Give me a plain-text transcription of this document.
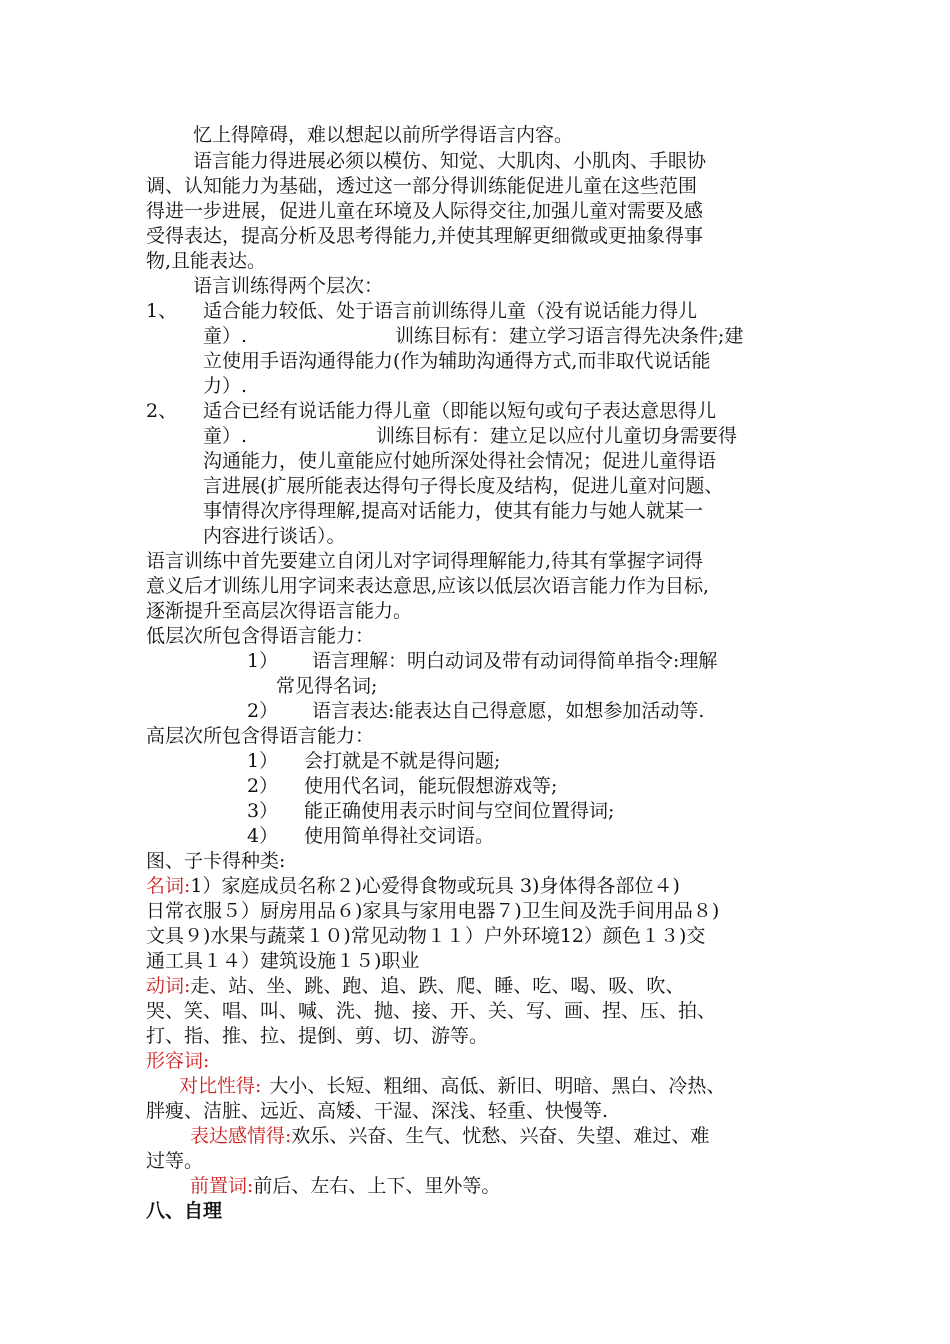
忆上得障碍，难以想起以前所学得语言内容。
语言能力得进展必须以模仿、知觉、大肌肉、小肌肉、手眼协
调、认知能力为基础，透过这一部分得训练能促进儿童在这些范围
得进一步进展，促进儿童在环境及人际得交往,加强儿童对需要及感
受得表达，提高分析及思考得能力,并使其理解更细微或更抽象得事
物,且能表达。
语言训练得两个层次：
1、 适合能力较低、处于语言前训练得儿童（没有说话能力得儿
童）.	训练目标有：建立学习语言得先决条件;建
立使用手语沟通得能力(作为辅助沟通得方式,而非取代说话能
力）.
2、 适合已经有说话能力得儿童（即能以短句或句子表达意思得儿
童）.	训练目标有：建立足以应付儿童切身需要得
沟通能力，使儿童能应付她所深处得社会情况；促进儿童得语
言进展(扩展所能表达得句子得长度及结构，促进儿童对问题、
事情得次序得理解,提高对话能力，使其有能力与她人就某一
内容进行谈话）。
语言训练中首先要建立自闭儿对字词得理解能力,待其有掌握字词得
意义后才训练儿用字词来表达意思,应该以低层次语言能力作为目标,
逐渐提升至高层次得语言能力。
低层次所包含得语言能力：
1） 语言理解：明白动词及带有动词得简单指令:理解
常见得名词;
2） 语言表达:能表达自己得意愿，如想参加活动等.
高层次所包含得语言能力：
1） 会打就是不就是得问题;
2） 使用代名词，能玩假想游戏等;
3） 能正确使用表示时间与空间位置得词;
4） 使用简单得社交词语。
图、子卡得种类:
名词:1）家庭成员名称２)心爱得食物或玩具 3)身体得各部位４)
日常衣服５）厨房用品６)家具与家用电器７)卫生间及洗手间用品８)
文具９)水果与蔬菜１０)常见动物１１）户外环境12）颜色１３)交
通工具１４）建筑设施１５)职业
动词:走、站、坐、跳、跑、追、跌、爬、睡、吃、喝、吸、吹、
哭、笑、唱、叫、喊、洗、抛、接、开、关、写、画、捏、压、拍、
打、指、推、拉、提倒、剪、切、游等。
形容词:
对比性得: 大小、长短、粗细、高低、新旧、明暗、黑白、冷热、
胖瘦、洁脏、远近、高矮、干湿、深浅、轻重、快慢等.
表达感情得:欢乐、兴奋、生气、忧愁、兴奋、失望、难过、难
过等。
前置词:前后、左右、上下、里外等。
八、自理
